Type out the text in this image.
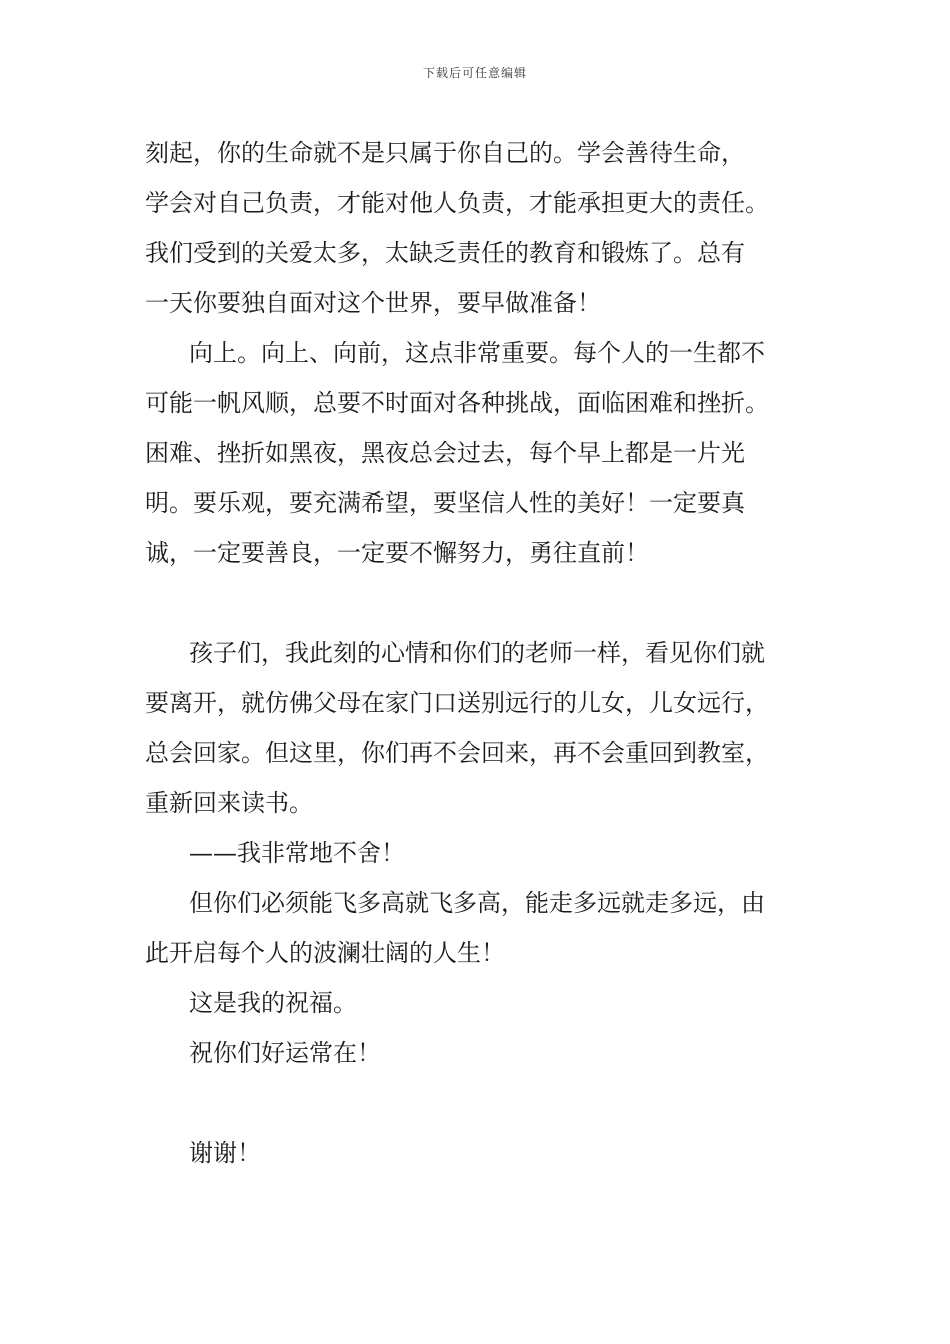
下载后可任意编辑
刻起，你的生命就不是只属于你自己的。学会善待生命，
学会对自己负责，才能对他人负责，才能承担更大的责任。
我们受到的关爱太多，太缺乏责任的教育和锻炼了。总有
一天你要独自面对这个世界，要早做准备！
向上。向上、向前，这点非常重要。每个人的一生都不
可能一帆风顺，总要不时面对各种挑战，面临困难和挫折。
困难、挫折如黑夜，黑夜总会过去，每个早上都是一片光
明。要乐观，要充满希望，要坚信人性的美好！一定要真
诚，一定要善良，一定要不懈努力，勇往直前！
孩子们，我此刻的心情和你们的老师一样，看见你们就
要离开，就仿佛父母在家门口送别远行的儿女，儿女远行，
总会回家。但这里，你们再不会回来，再不会重回到教室，
重新回来读书。
——我非常地不舍！
但你们必须能飞多高就飞多高，能走多远就走多远，由
此开启每个人的波澜壮阔的人生！
这是我的祝福。
祝你们好运常在！
谢谢！
